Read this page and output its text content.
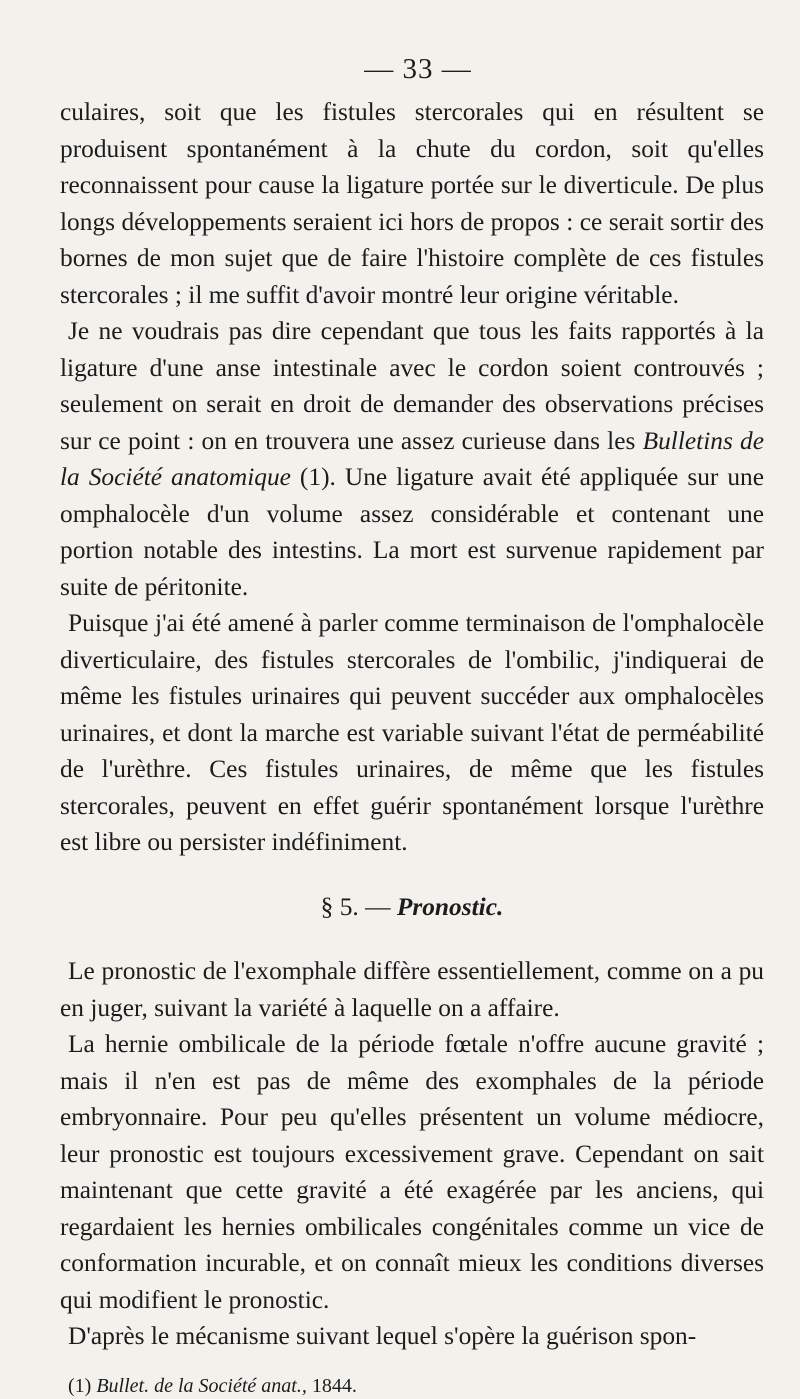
— 33 —

culaires, soit que les fistules stercorales qui en résultent se produisent spontanément à la chute du cordon, soit qu'elles reconnaissent pour cause la ligature portée sur le diverticule. De plus longs développements seraient ici hors de propos : ce serait sortir des bornes de mon sujet que de faire l'histoire complète de ces fistules stercorales ; il me suffit d'avoir montré leur origine véritable.

Je ne voudrais pas dire cependant que tous les faits rapportés à la ligature d'une anse intestinale avec le cordon soient controuvés ; seulement on serait en droit de demander des observations précises sur ce point : on en trouvera une assez curieuse dans les Bulletins de la Société anatomique (1). Une ligature avait été appliquée sur une omphalocèle d'un volume assez considérable et contenant une portion notable des intestins. La mort est survenue rapidement par suite de péritonite.

Puisque j'ai été amené à parler comme terminaison de l'omphalocèle diverticulaire, des fistules stercorales de l'ombilic, j'indiquerai de même les fistules urinaires qui peuvent succéder aux omphalocèles urinaires, et dont la marche est variable suivant l'état de perméabilité de l'urèthre. Ces fistules urinaires, de même que les fistules stercorales, peuvent en effet guérir spontanément lorsque l'urèthre est libre ou persister indéfiniment.

§ 5. — Pronostic.

Le pronostic de l'exomphale diffère essentiellement, comme on a pu en juger, suivant la variété à laquelle on a affaire.

La hernie ombilicale de la période fœtale n'offre aucune gravité ; mais il n'en est pas de même des exomphales de la période embryonnaire. Pour peu qu'elles présentent un volume médiocre, leur pronostic est toujours excessivement grave. Cependant on sait maintenant que cette gravité a été exagérée par les anciens, qui regardaient les hernies ombilicales congénitales comme un vice de conformation incurable, et on connaît mieux les conditions diverses qui modifient le pronostic.

D'après le mécanisme suivant lequel s'opère la guérison spon-

(1) Bullet. de la Société anat., 1844.
